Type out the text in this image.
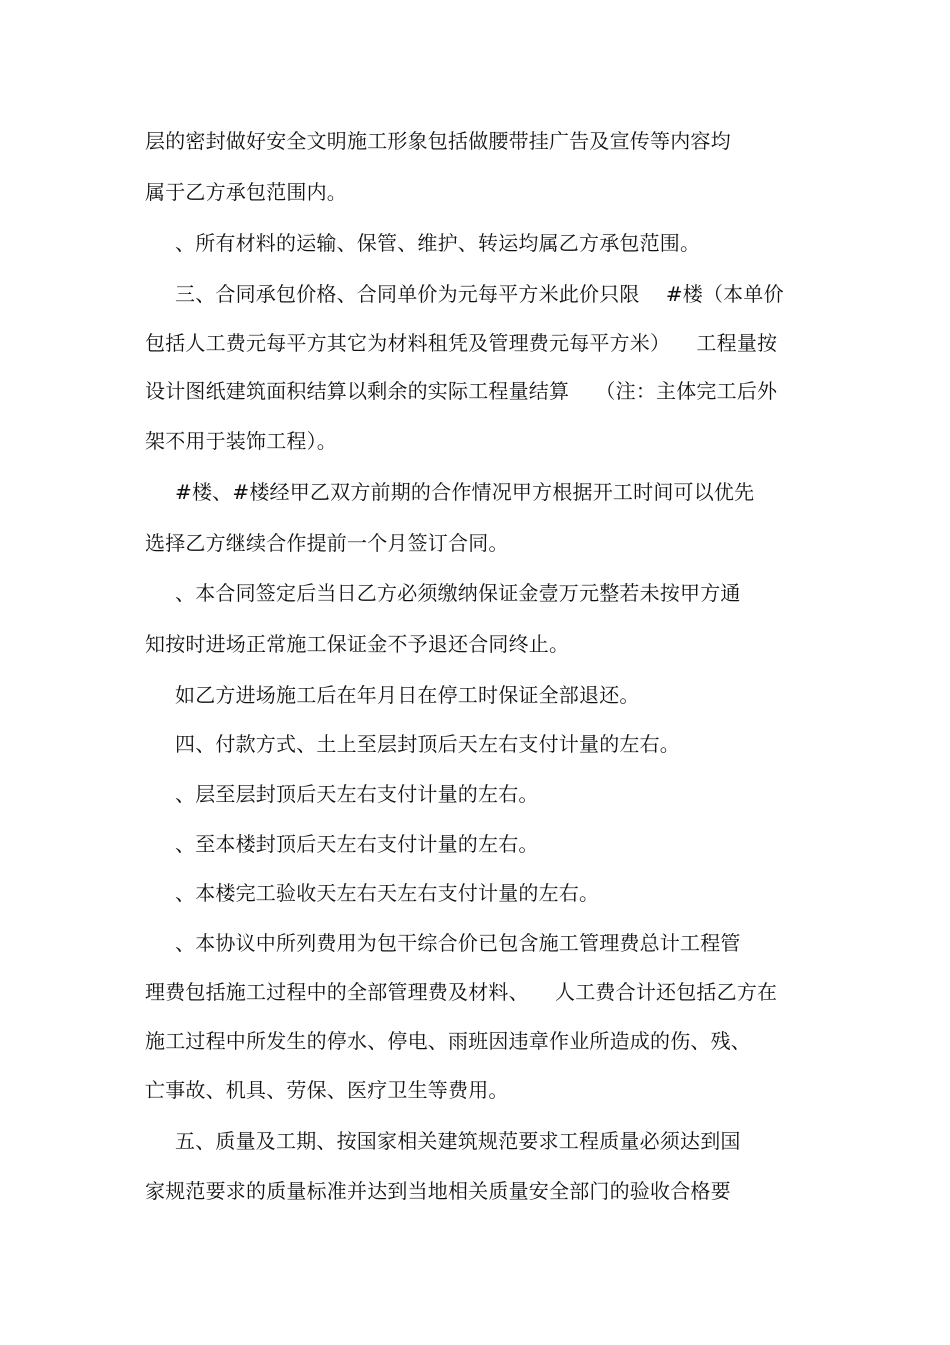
层的密封做好安全文明施工形象包括做腰带挂广告及宣传等内容均
属于乙方承包范围内。
、所有材料的运输、保管、维护、转运均属乙方承包范围。
三、合同承包价格、合同单价为元每平方米此价只限    #楼（本单价
包括人工费元每平方其它为材料租凭及管理费元每平方米）    工程量按
设计图纸建筑面积结算以剩余的实际工程量结算    （注：主体完工后外
架不用于装饰工程）。
#楼、#楼经甲乙双方前期的合作情况甲方根据开工时间可以优先
选择乙方继续合作提前一个月签订合同。
、本合同签定后当日乙方必须缴纳保证金壹万元整若未按甲方通
知按时进场正常施工保证金不予退还合同终止。
如乙方进场施工后在年月日在停工时保证全部退还。
四、付款方式、土上至层封顶后天左右支付计量的左右。
、层至层封顶后天左右支付计量的左右。
、至本楼封顶后天左右支付计量的左右。
、本楼完工验收天左右天左右支付计量的左右。
、本协议中所列费用为包干综合价已包含施工管理费总计工程管
理费包括施工过程中的全部管理费及材料、    人工费合计还包括乙方在
施工过程中所发生的停水、停电、雨班因违章作业所造成的伤、残、
亡事故、机具、劳保、医疗卫生等费用。
五、质量及工期、按国家相关建筑规范要求工程质量必须达到国
家规范要求的质量标准并达到当地相关质量安全部门的验收合格要
